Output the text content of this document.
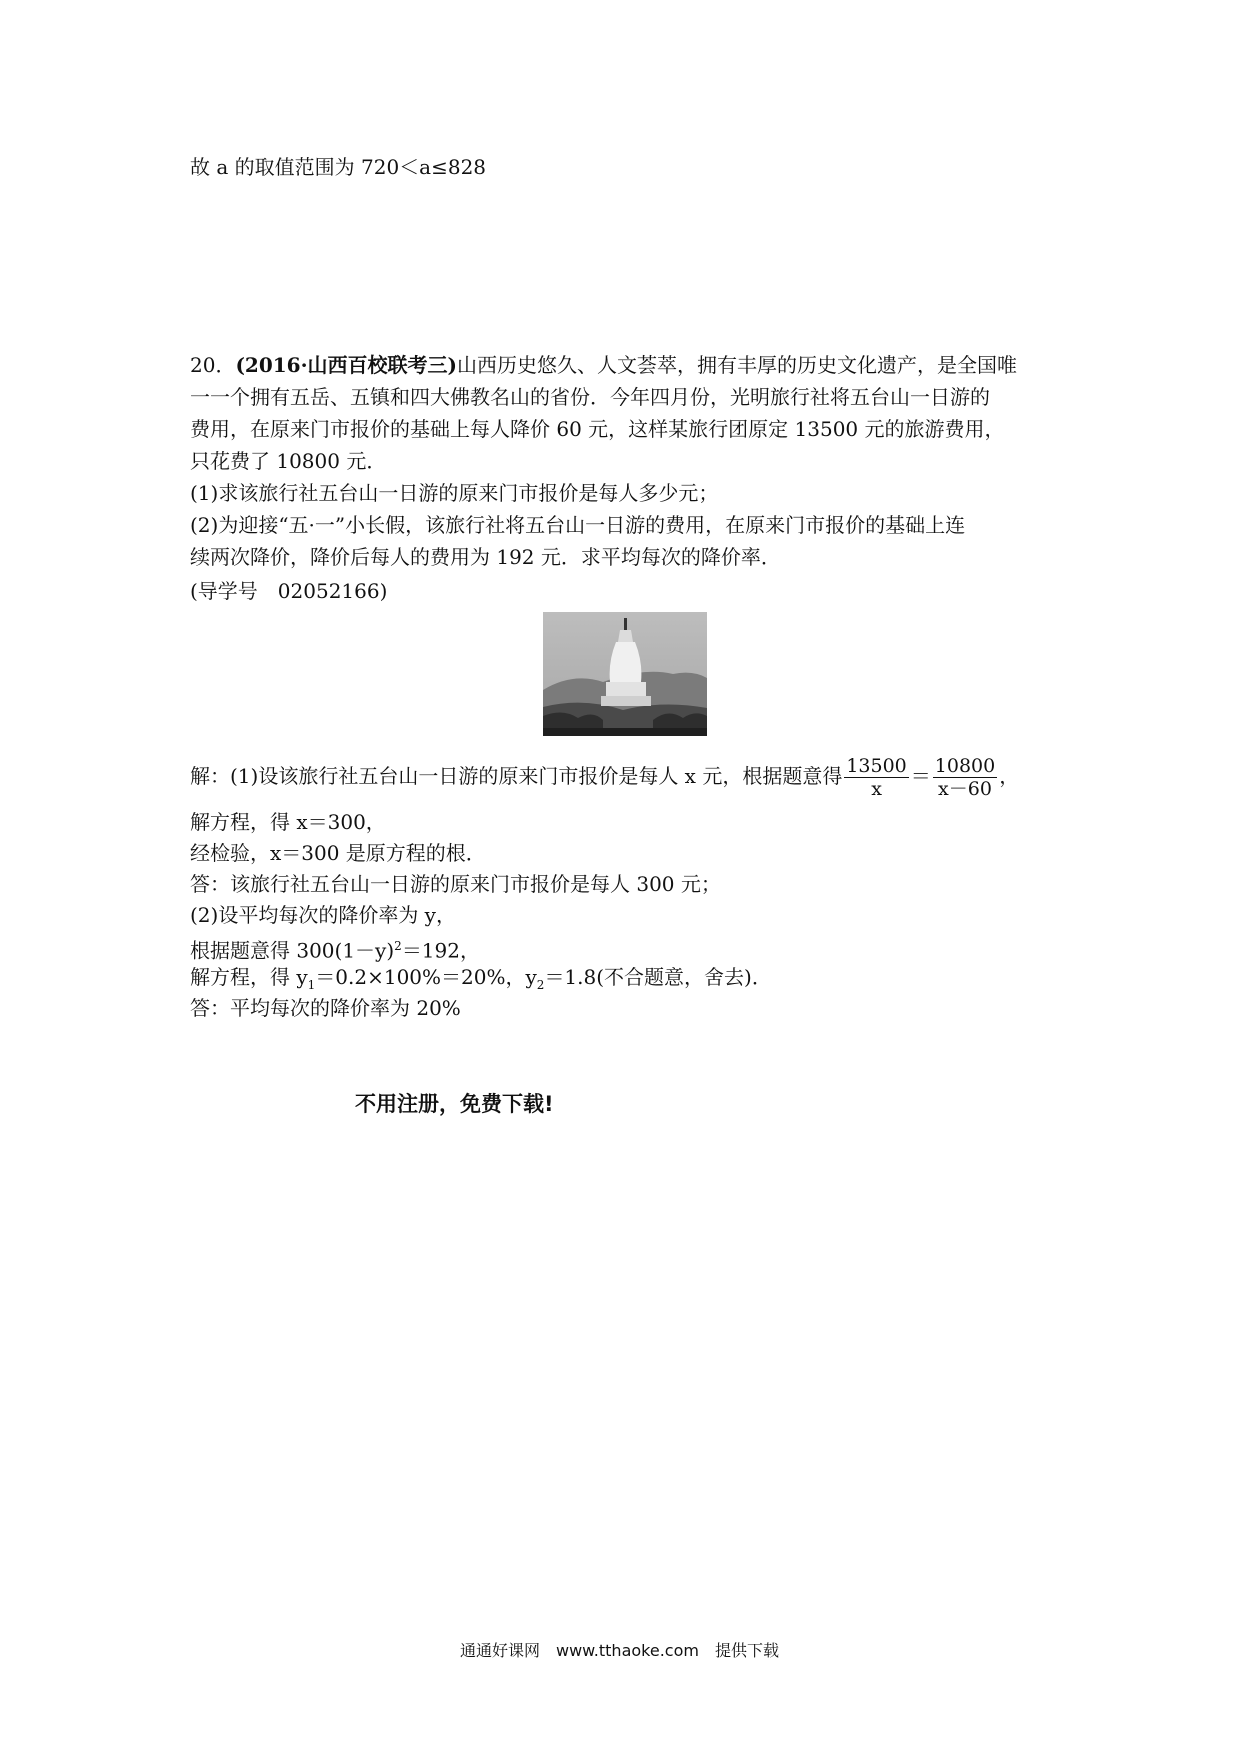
故 a 的取值范围为 720＜a≤828
20．(2016·山西百校联考三)山西历史悠久、人文荟萃，拥有丰厚的历史文化遗产，是全国唯
一一个拥有五岳、五镇和四大佛教名山的省份．今年四月份，光明旅行社将五台山一日游的
费用，在原来门市报价的基础上每人降价 60 元，这样某旅行团原定 13500 元的旅游费用，
只花费了 10800 元．
(1)求该旅行社五台山一日游的原来门市报价是每人多少元；
(2)为迎接“五·一”小长假，该旅行社将五台山一日游的费用，在原来门市报价的基础上连
续两次降价，降价后每人的费用为 192 元．求平均每次的降价率．
(导学号　02052166)
解：(1)设该旅行社五台山一日游的原来门市报价是每人 x 元，根据题意得 $\frac{13500}{x} = \frac{10800}{x-60}$ ，
解方程，得 x＝300，
经检验，x＝300 是原方程的根．
答：该旅行社五台山一日游的原来门市报价是每人 300 元；
(2)设平均每次的降价率为 y，
根据题意得 $300(1-y)^2=192$，
解方程，得 $y_1=0.2\times 100\%=20\%$，$y_2=1.8$(不合题意，舍去)．
答：平均每次的降价率为 20%
不用注册，免费下载!
通通好课网　www.tthaoke.com　提供下载
